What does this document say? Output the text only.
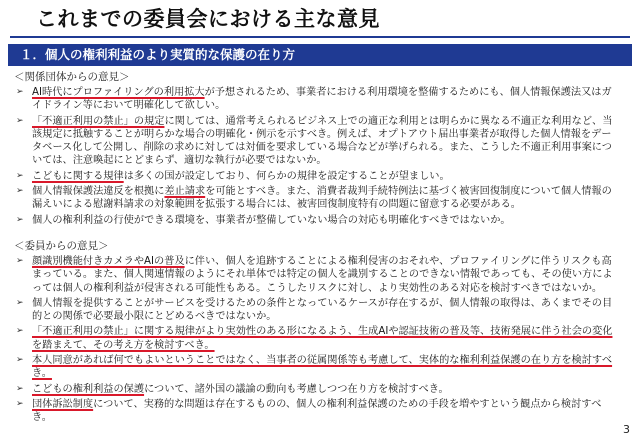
これまでの委員会における主な意見
１．個人の権利利益のより実質的な保護の在り方
＜関係団体からの意見＞
➢ AI時代にプロファイリングの利用拡大が予想されるため、事業者における利用環境を整備するためにも、個人情報保護法又はガイドライン等において明確化して欲しい。
➢ 「不適正利用の禁止」の規定に関しては、通常考えられるビジネス上での適正な利用とは明らかに異なる不適正な利用など、当該規定に抵触することが明らかな場合の明確化・例示を示すべき。例えば、オプトアウト届出事業者が取得した個人情報をデータベース化して公開し、削除の求めに対しては対価を要求している場合などが挙げられる。また、こうした不適正利用事案については、注意喚起にとどまらず、適切な執行が必要ではないか。
➢ こどもに関する規律は多くの国が設定しており、何らかの規律を設定することが望ましい。
➢ 個人情報保護法違反を根拠に差止請求を可能とすべき。また、消費者裁判手続特例法に基づく被害回復制度について個人情報の漏えいによる慰謝料請求の対象範囲を拡張する場合には、被害回復制度特有の問題に留意する必要がある。
➢ 個人の権利利益の行使ができる環境を、事業者が整備していない場合の対応も明確化すべきではないか。
＜委員からの意見＞
➢ 顔識別機能付きカメラやAIの普及に伴い、個人を追跡することによる権利侵害のおそれや、プロファイリングに伴うリスクも高まっている。また、個人関連情報のようにそれ単体では特定の個人を識別することのできない情報であっても、その使い方によっては個人の権利利益が侵害される可能性もある。こうしたリスクに対し、より実効性のある対応を検討すべきではないか。
➢ 個人情報を提供することがサービスを受けるための条件となっているケースが存在するが、個人情報の取得は、あくまでその目的との関係で必要最小限にとどめるべきではないか。
➢ 「不適正利用の禁止」に関する規律がより実効性のある形になるよう、生成AIや認証技術の普及等、技術発展に伴う社会の変化を踏まえて、その考え方を検討すべき。
➢ 本人同意があれば何でもよいということではなく、当事者の従属関係等も考慮して、実体的な権利利益保護の在り方を検討すべき。
➢ こどもの権利利益の保護について、諸外国の議論の動向も考慮しつつ在り方を検討すべき。
➢ 団体訴訟制度について、実務的な問題は存在するものの、個人の権利利益保護のための手段を増やすという観点から検討すべき。
3
